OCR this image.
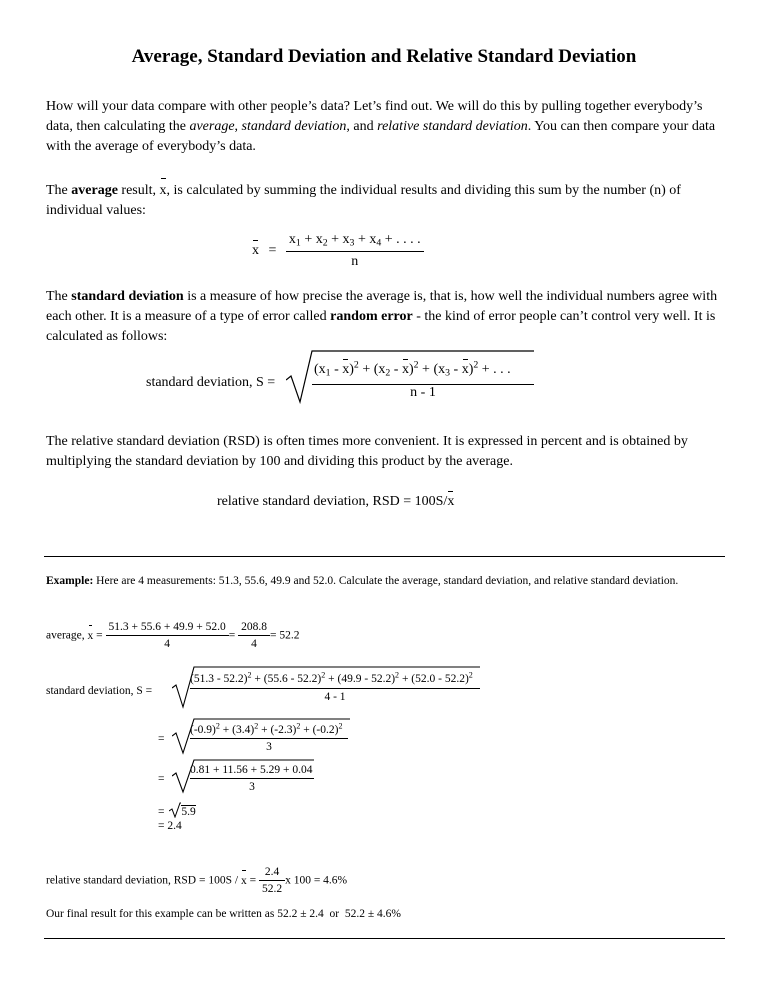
Average, Standard Deviation and Relative Standard Deviation
How will your data compare with other people’s data? Let’s find out. We will do this by pulling together everybody’s data, then calculating the average, standard deviation, and relative standard deviation. You can then compare your data with the average of everybody’s data.
The average result, x, is calculated by summing the individual results and dividing this sum by the number (n) of individual values:
$x = \frac{x_1 + x_2 + x_3 + x_4 + . . . .}{n}$
The standard deviation is a measure of how precise the average is, that is, how well the individual numbers agree with each other. It is a measure of a type of error called random error - the kind of error people can’t control very well. It is calculated as follows:
standard deviation, S =
$(x_1 - x)^2 + (x_2 - x)^2 + (x_3 - x)^2$ + . . .
n - 1
The relative standard deviation (RSD) is often times more convenient. It is expressed in percent and is obtained by multiplying the standard deviation by 100 and dividing this product by the average.
relative standard deviation, RSD = 100S/x
Example: Here are 4 measurements: 51.3, 55.6, 49.9 and 52.0. Calculate the average, standard deviation, and relative standard deviation.
average, $x = \frac{51.3 + 55.6 + 49.9 + 52.0}{4} = \frac{208.8}{4} = 52.2$
standard deviation, S =
(51.3 - 52.2)$^2$ + (55.6 - 52.2)$^2$ + (49.9 - 52.2)$^2$ + (52.0 - 52.2)$^2$
4 - 1
=
$(-0.9)^2 + (3.4)^2 + (-2.3)^2 + (-0.2)^2$
3
=
0.81 + 11.56 + 5.29 + 0.04
3
= 5.9
= 2.4
relative standard deviation, RSD = $100S / x = \frac{2.4}{52.2}$ x 100 = 4.6%
Our final result for this example can be written as 52.2 ± 2.4  or  52.2 ± 4.6%
